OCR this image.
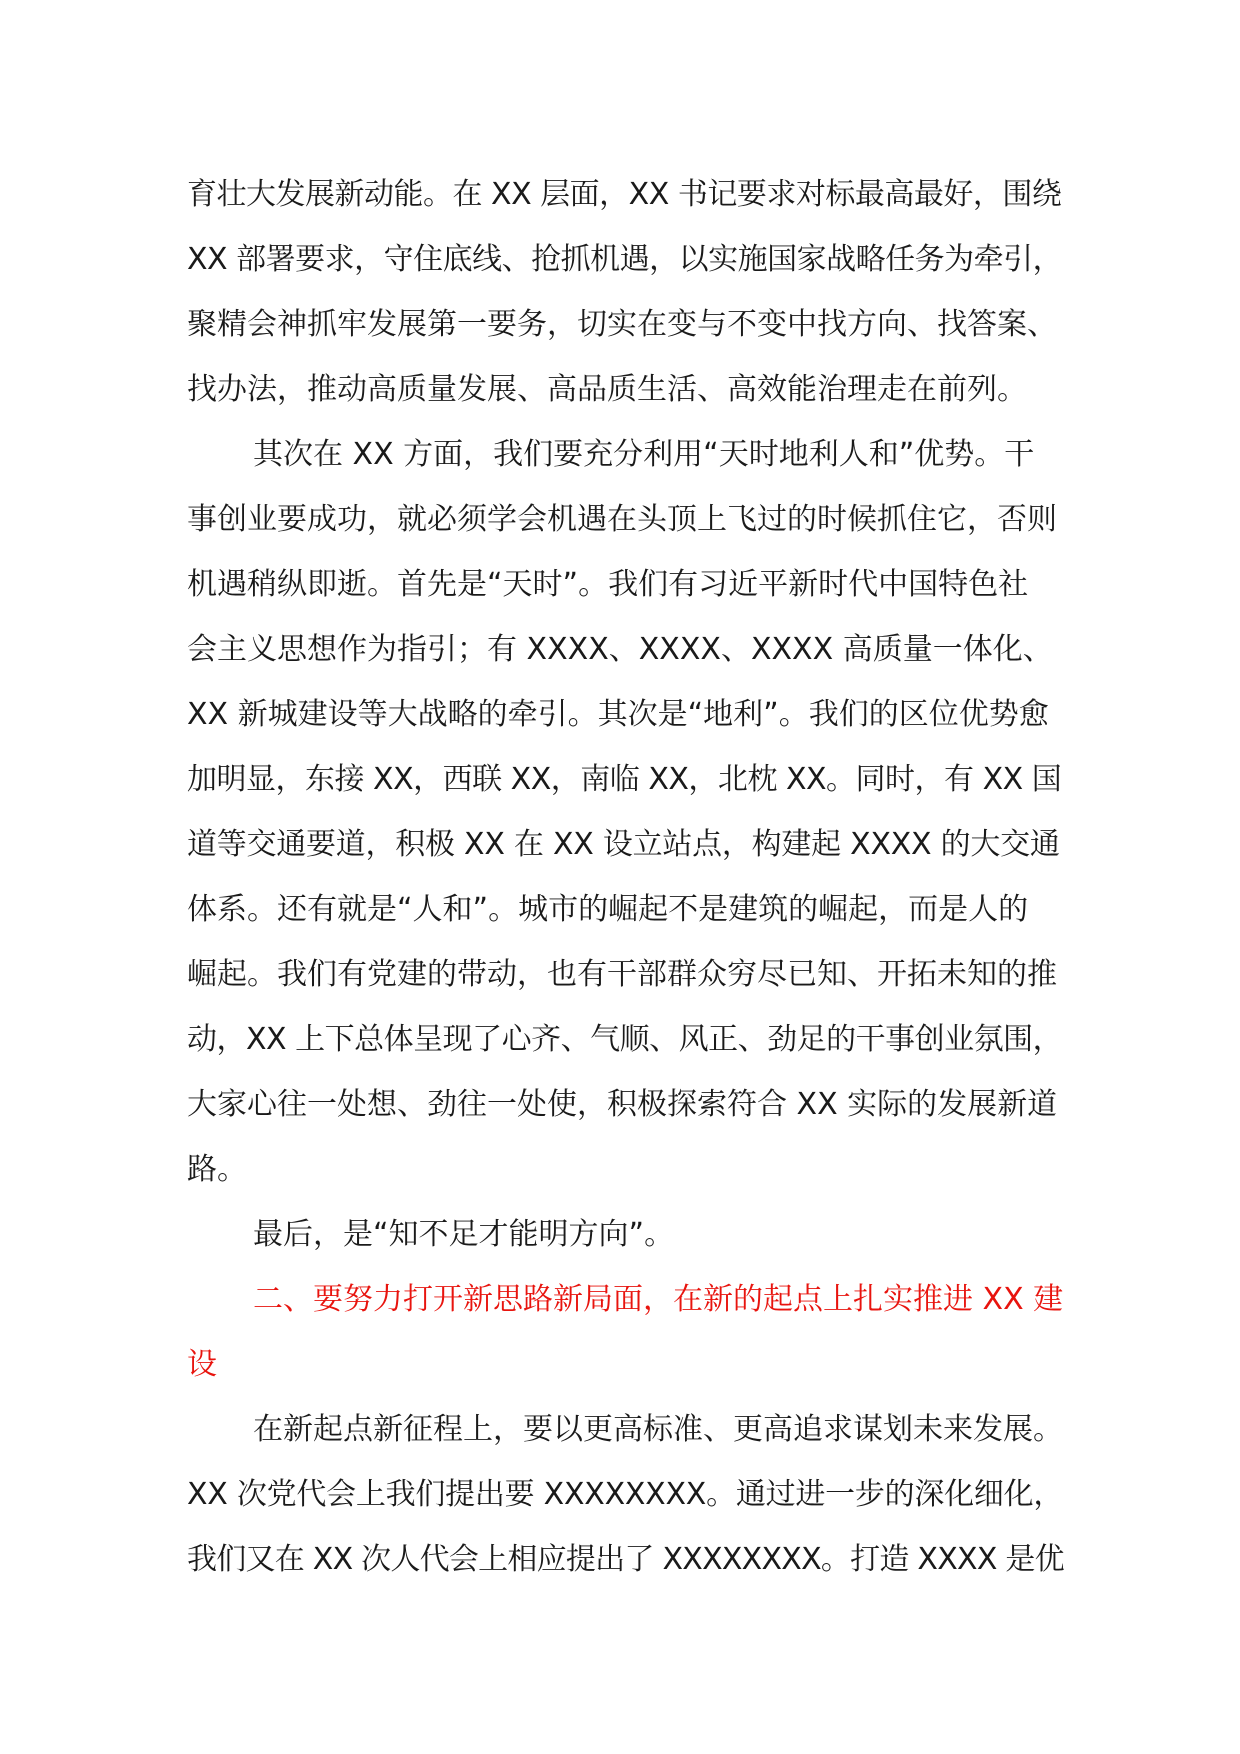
育壮大发展新动能。在 XX 层面，XX 书记要求对标最高最好，围绕
XX 部署要求，守住底线、抢抓机遇，以实施国家战略任务为牵引，
聚精会神抓牢发展第一要务，切实在变与不变中找方向、找答案、
找办法，推动高质量发展、高品质生活、高效能治理走在前列。
其次在 XX 方面，我们要充分利用“天时地利人和”优势。干
事创业要成功，就必须学会机遇在头顶上飞过的时候抓住它，否则
机遇稍纵即逝。首先是“天时”。我们有习近平新时代中国特色社
会主义思想作为指引；有 XXXX、XXXX、XXXX 高质量一体化、
XX 新城建设等大战略的牵引。其次是“地利”。我们的区位优势愈
加明显，东接 XX，西联 XX，南临 XX，北枕 XX。同时，有 XX 国
道等交通要道，积极 XX 在 XX 设立站点，构建起 XXXX 的大交通
体系。还有就是“人和”。城市的崛起不是建筑的崛起，而是人的
崛起。我们有党建的带动，也有干部群众穷尽已知、开拓未知的推
动，XX 上下总体呈现了心齐、气顺、风正、劲足的干事创业氛围，
大家心往一处想、劲往一处使，积极探索符合 XX 实际的发展新道
路。
最后，是“知不足才能明方向”。
二、要努力打开新思路新局面，在新的起点上扎实推进 XX 建
设
在新起点新征程上，要以更高标准、更高追求谋划未来发展。
XX 次党代会上我们提出要 XXXXXXXX。通过进一步的深化细化，
我们又在 XX 次人代会上相应提出了 XXXXXXXX。打造 XXXX 是优
